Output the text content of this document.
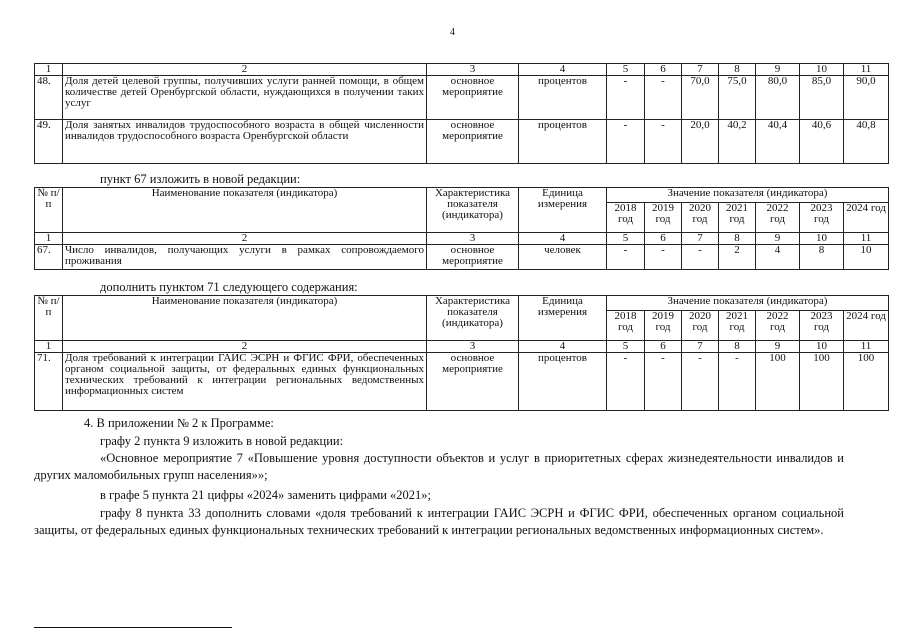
4
1	2	3	4	5	6	7	8	9	10	11
48.	Доля детей целевой группы, получивших услуги ранней помощи, в общем количестве детей Оренбургской области, нуждающихся в получении таких услуг	основное мероприятие	процентов	-	-	70,0	75,0	80,0	85,0	90,0
49.	Доля занятых инвалидов трудоспособного возраста в общей численности инвалидов трудоспособного возраста Оренбургской области	основное мероприятие	процентов	-	-	20,0	40,2	40,4	40,6	40,8
пункт 67 изложить в новой редакции:
№ п/п	Наименование показателя (индикатора)	Характеристика показателя (индикатора)	Единица измерения	Значение показателя (индикатора)						
				2018 год	2019 год	2020 год	2021 год	2022 год	2023 год	2024 год
1	2	3	4	5	6	7	8	9	10	11
67.	Число инвалидов, получающих услуги в рамках сопровождаемого проживания	основное мероприятие	человек	-	-	-	2	4	8	10
дополнить пунктом 71 следующего содержания:
№ п/п	Наименование показателя (индикатора)	Характеристика показателя (индикатора)	Единица измерения	Значение показателя (индикатора)						
				2018 год	2019 год	2020 год	2021 год	2022 год	2023 год	2024 год
1	2	3	4	5	6	7	8	9	10	11
71.	Доля требований к интеграции ГАИС ЭСРН и ФГИС ФРИ, обеспеченных органом социальной защиты, от федеральных единых функциональных технических требований к интеграции региональных ведомственных информационных систем	основное мероприятие	процентов	-	-	-	-	100	100	100
4. В приложении № 2 к Программе:
графу 2 пункта 9 изложить в новой редакции:
«Основное мероприятие 7 «Повышение уровня доступности объектов и услуг в приоритетных сферах жизнедеятельности инвалидов и других маломобильных групп населения»»;
в графе 5 пункта 21 цифры «2024» заменить цифрами «2021»;
графу 8 пункта 33 дополнить словами «доля требований к интеграции ГАИС ЭСРН и ФГИС ФРИ, обеспеченных органом социальной защиты, от федеральных единых функциональных технических требований к интеграции региональных ведомственных информационных систем».
